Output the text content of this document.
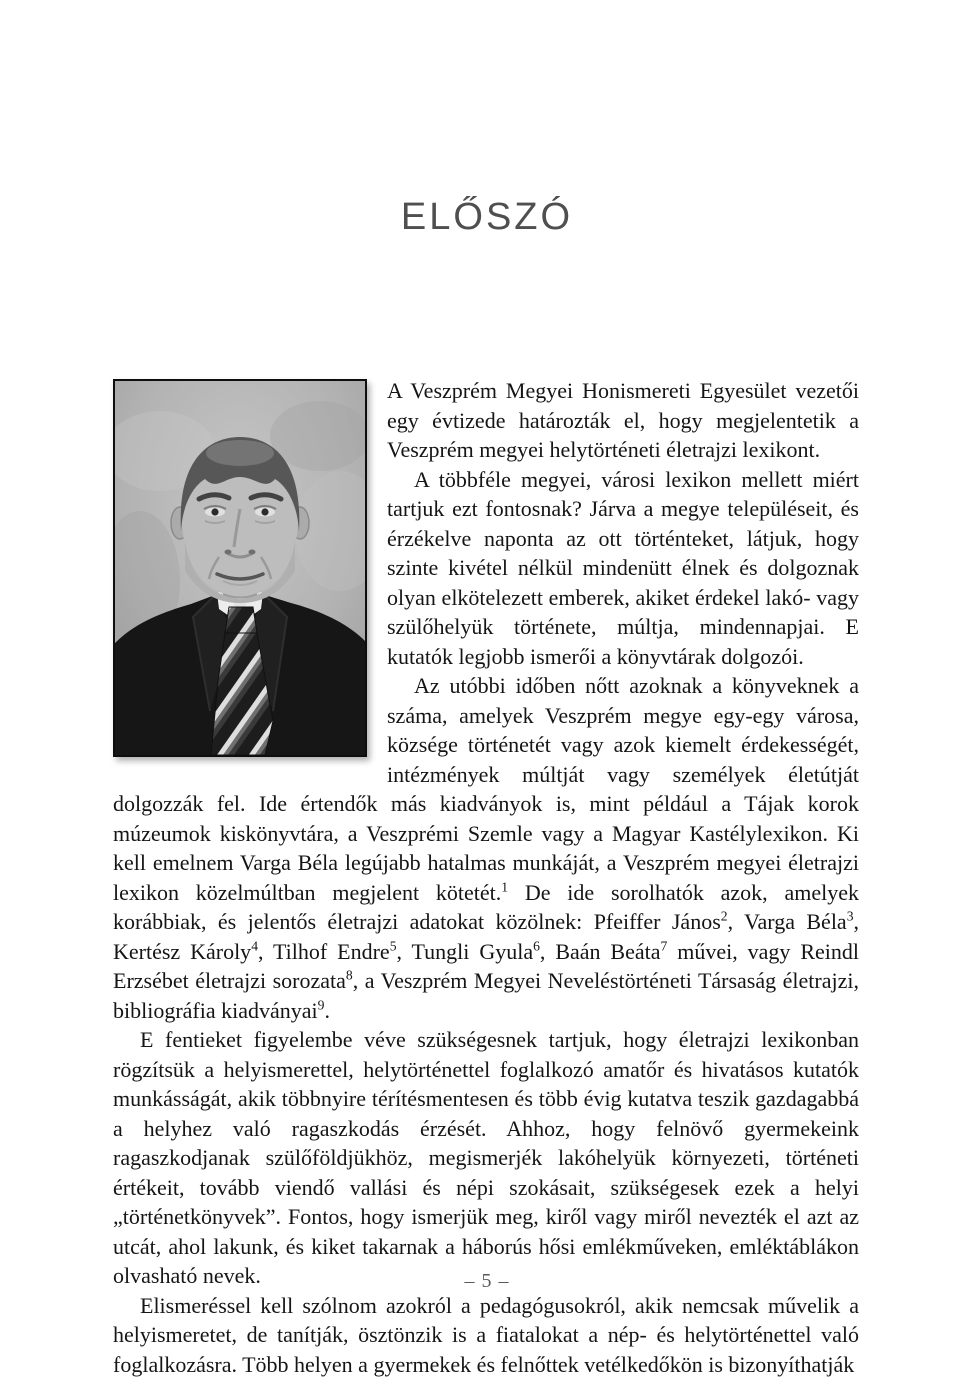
ELŐSZÓ

A Veszprém Megyei Honismereti Egyesület vezetői egy évtizede határozták el, hogy megjelentetik a Veszprém megyei helytörténeti életrajzi lexikont.

A többféle megyei, városi lexikon mellett miért tartjuk ezt fontosnak? Járva a megye településeit, és érzékelve naponta az ott történteket, látjuk, hogy szinte kivétel nélkül mindenütt élnek és dolgoznak olyan elkötelezett emberek, akiket érdekel lakó- vagy szülőhelyük története, múltja, mindennapjai. E kutatók legjobb ismerői a könyvtárak dolgozói.

Az utóbbi időben nőtt azoknak a könyveknek a száma, amelyek Veszprém megye egy-egy városa, községe történetét vagy azok kiemelt érdekességét, intézmények múltját vagy személyek életútját dolgozzák fel. Ide értendők más kiadványok is, mint például a Tájak korok múzeumok kiskönyvtára, a Veszprémi Szemle vagy a Magyar Kastélylexikon. Ki kell emelnem Varga Béla legújabb hatalmas munkáját, a Veszprém megyei életrajzi lexikon közelmúltban megjelent kötetét.$^1$ De ide sorolhatók azok, amelyek korábbiak, és jelentős életrajzi adatokat közölnek: Pfeiffer János$^2$, Varga Béla$^3$, Kertész Károly$^4$, Tilhof Endre$^5$, Tungli Gyula$^6$, Baán Beáta$^7$ művei, vagy Reindl Erzsébet életrajzi sorozata$^8$, a Veszprém Megyei Neveléstörténeti Társaság életrajzi, bibliográfia kiadványai$^9$.

E fentieket figyelembe véve szükségesnek tartjuk, hogy életrajzi lexikonban rögzítsük a helyismerettel, helytörténettel foglalkozó amatőr és hivatásos kutatók munkásságát, akik többnyire térítésmentesen és több évig kutatva teszik gazdagabbá a helyhez való ragaszkodás érzését. Ahhoz, hogy felnövő gyermekeink ragaszkodjanak szülőföldjükhöz, megismerjék lakóhelyük környezeti, történeti értékeit, tovább viendő vallási és népi szokásait, szükségesek ezek a helyi „történetkönyvek”. Fontos, hogy ismerjük meg, kiről vagy miről nevezték el azt az utcát, ahol lakunk, és kiket takarnak a háborús hősi emlékműveken, emléktáblákon olvasható nevek.

Elismeréssel kell szólnom azokról a pedagógusokról, akik nemcsak művelik a helyismeretet, de tanítják, ösztönzik is a fiatalokat a nép- és helytörténettel való foglalkozásra. Több helyen a gyermekek és felnőttek vetélkedőkön is bizonyíthatják

– 5 –
